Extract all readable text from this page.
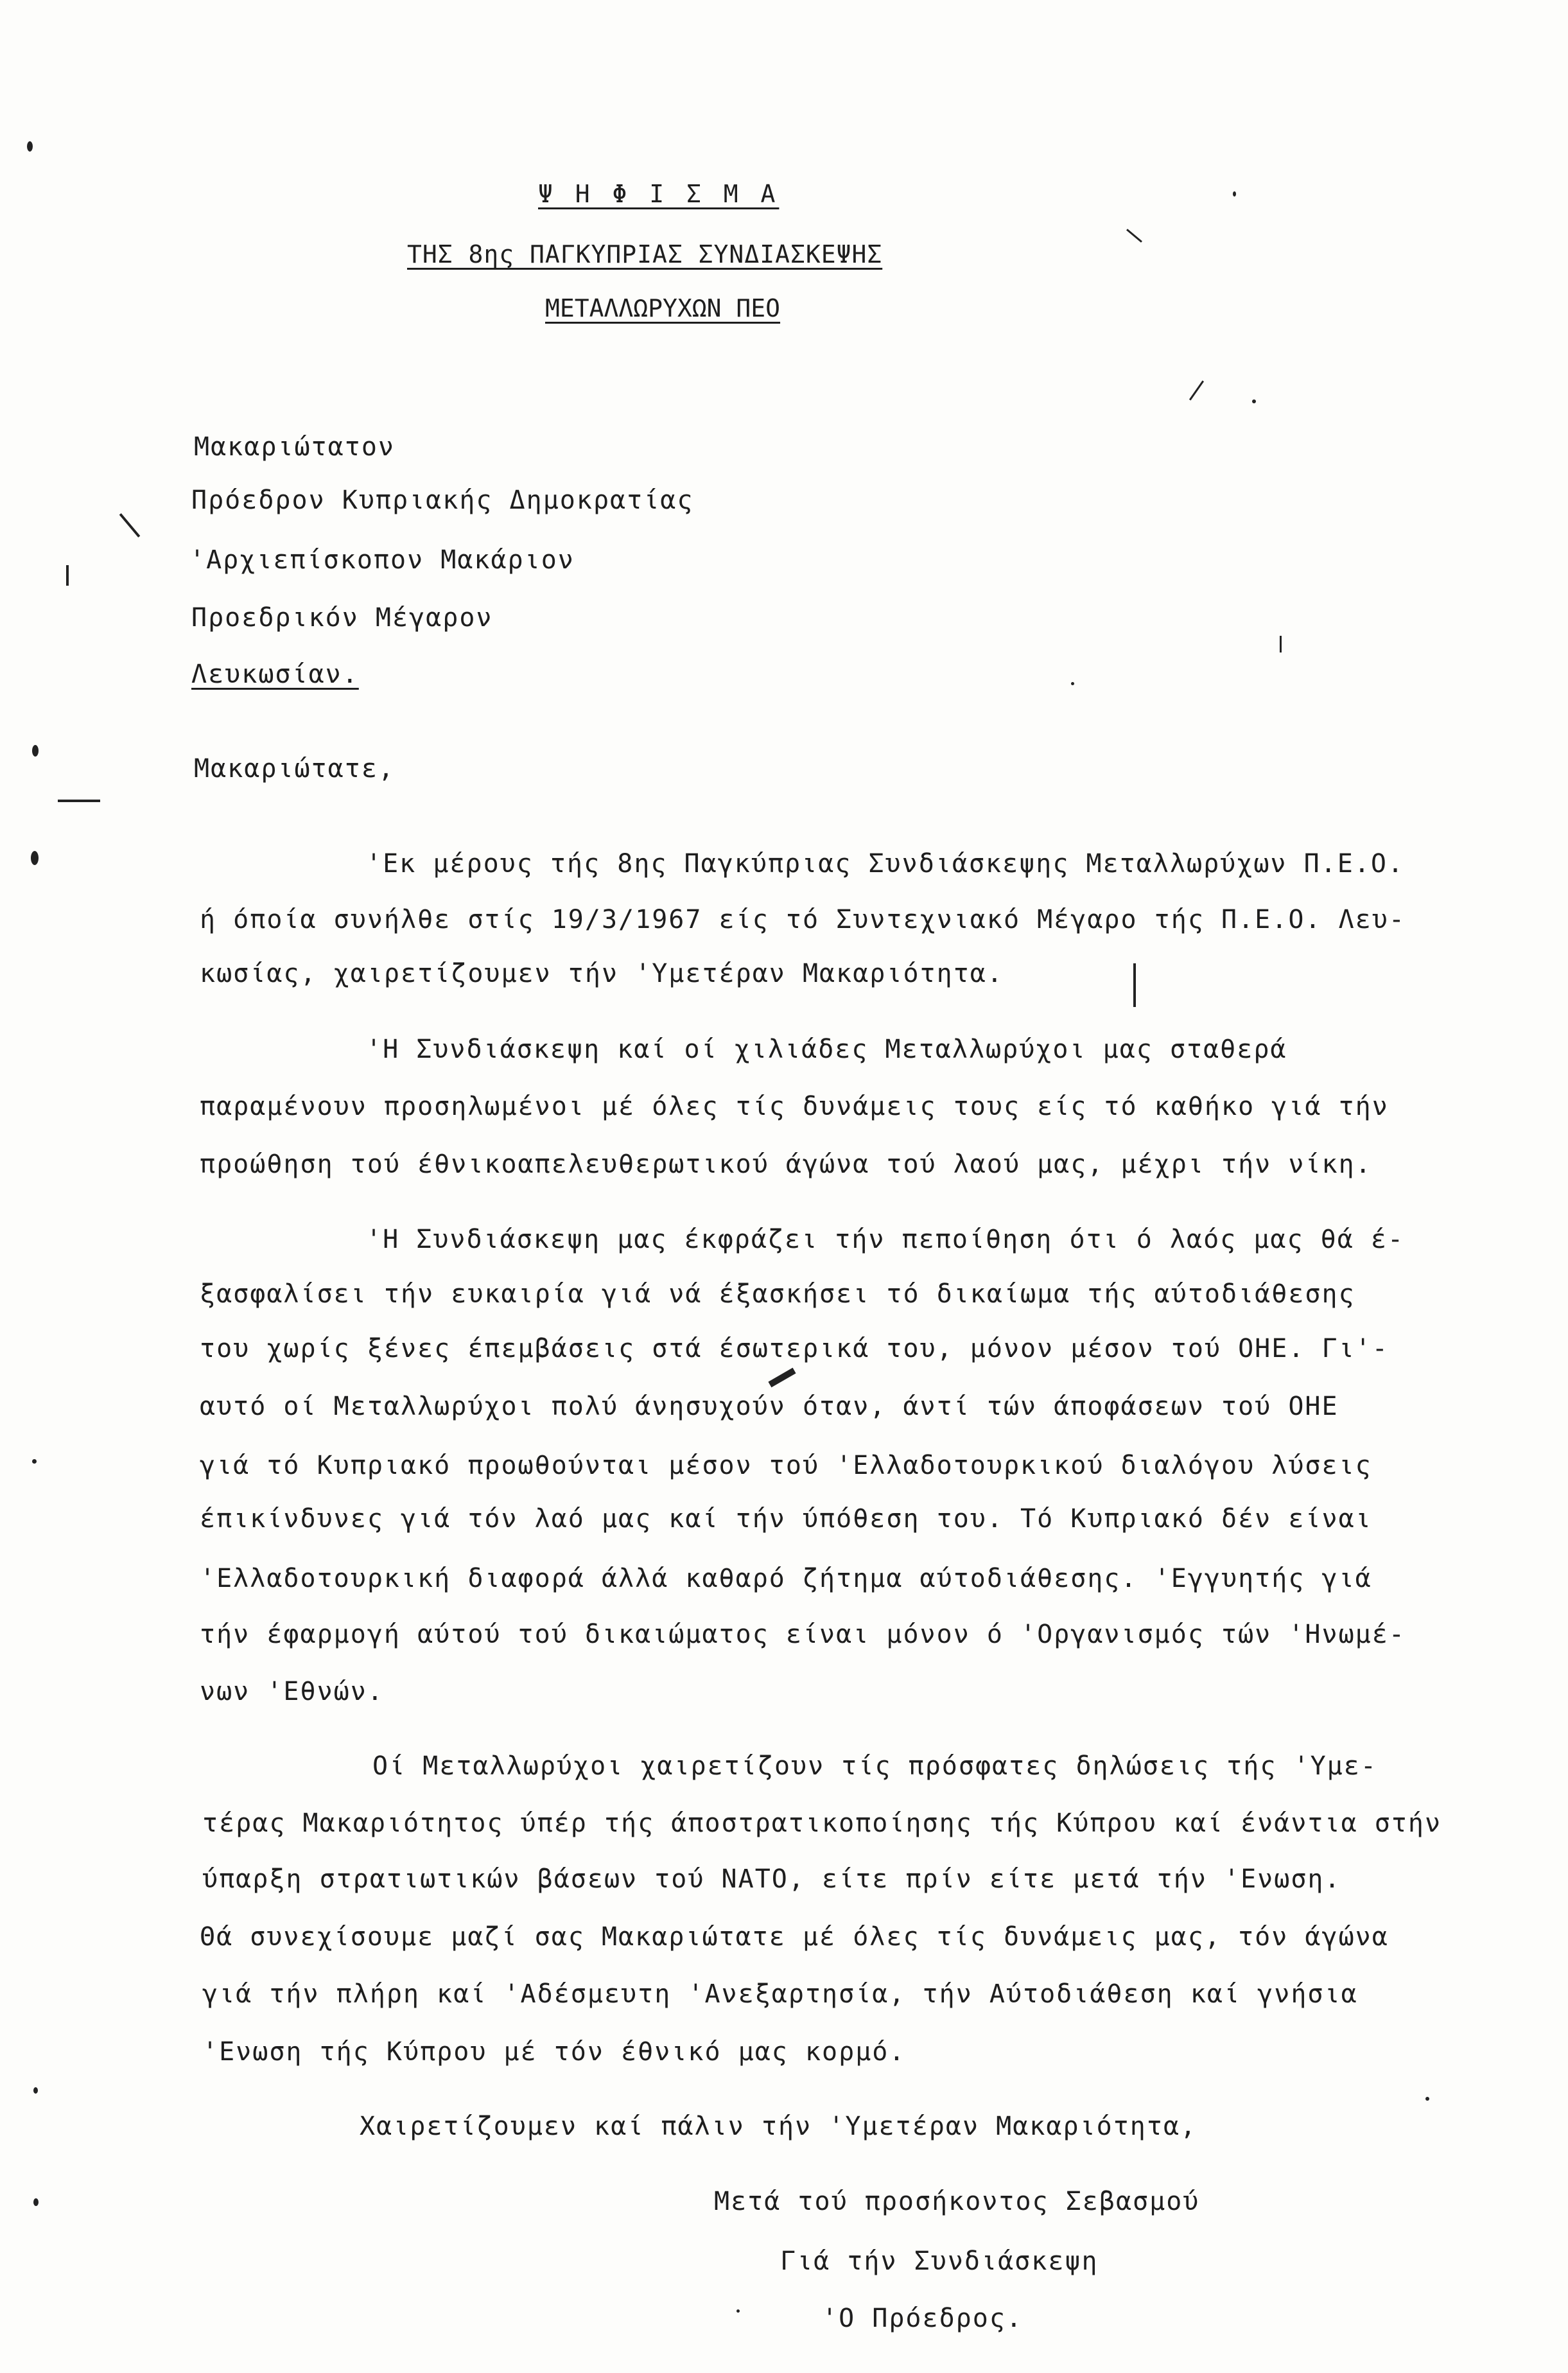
Ψ Η Φ Ι Σ Μ Α
ΤΗΣ 8ης ΠΑΓΚΥΠΡΙΑΣ ΣΥΝΔΙΑΣΚΕΨΗΣ
ΜΕΤΑΛΛΩΡΥΧΩΝ ΠΕΟ
Μακαριώτατον
Πρόεδρον Κυπριακής Δημοκρατίας
'Αρχιεπίσκοπον Μακάριον
Προεδρικόν Μέγαρον
Λευκωσίαν.
Μακαριώτατε,
'Εκ μέρους τής 8ης Παγκύπριας Συνδιάσκεψης Μεταλλωρύχων Π.Ε.Ο.
ή όποία συνήλθε στίς 19/3/1967 είς τό Συντεχνιακό Μέγαρο τής Π.Ε.Ο. Λευ-
κωσίας, χαιρετίζουμεν τήν 'Υμετέραν Μακαριότητα.
'Η Συνδιάσκεψη καί οί χιλιάδες Μεταλλωρύχοι μας σταθερά
παραμένουν προσηλωμένοι μέ όλες τίς δυνάμεις τους είς τό καθήκο γιά τήν
προώθηση τού έθνικοαπελευθερωτικού άγώνα τού λαού μας, μέχρι τήν νίκη.
'Η Συνδιάσκεψη μας έκφράζει τήν πεποίθηση ότι ό λαός μας θά έ-
ξασφαλίσει τήν ευκαιρία γιά νά έξασκήσει τό δικαίωμα τής αύτοδιάθεσης
του χωρίς ξένες έπεμβάσεις στά έσωτερικά του, μόνον μέσον τού ΟΗΕ. Γι'-
αυτό οί Μεταλλωρύχοι πολύ άνησυχούν όταν, άντί τών άποφάσεων τού ΟΗΕ
γιά τό Κυπριακό προωθούνται μέσον τού 'Ελλαδοτουρκικού διαλόγου λύσεις
έπικίνδυνες γιά τόν λαό μας καί τήν ύπόθεση του. Τό Κυπριακό δέν είναι
'Ελλαδοτουρκική διαφορά άλλά καθαρό ζήτημα αύτοδιάθεσης. 'Εγγυητής γιά
τήν έφαρμογή αύτού τού δικαιώματος είναι μόνον ό 'Οργανισμός τών 'Ηνωμέ-
νων 'Εθνών.
Οί Μεταλλωρύχοι χαιρετίζουν τίς πρόσφατες δηλώσεις τής 'Υμε-
τέρας Μακαριότητος ύπέρ τής άποστρατικοποίησης τής Κύπρου καί ένάντια στήν
ύπαρξη στρατιωτικών βάσεων τού ΝΑΤΟ, είτε πρίν είτε μετά τήν 'Ενωση.
Θά συνεχίσουμε μαζί σας Μακαριώτατε μέ όλες τίς δυνάμεις μας, τόν άγώνα
γιά τήν πλήρη καί 'Αδέσμευτη 'Ανεξαρτησία, τήν Αύτοδιάθεση καί γνήσια
'Ενωση τής Κύπρου μέ τόν έθνικό μας κορμό.
Χαιρετίζουμεν καί πάλιν τήν 'Υμετέραν Μακαριότητα,
Μετά τού προσήκοντος Σεβασμού
Γιά τήν Συνδιάσκεψη
'Ο Πρόεδρος.
